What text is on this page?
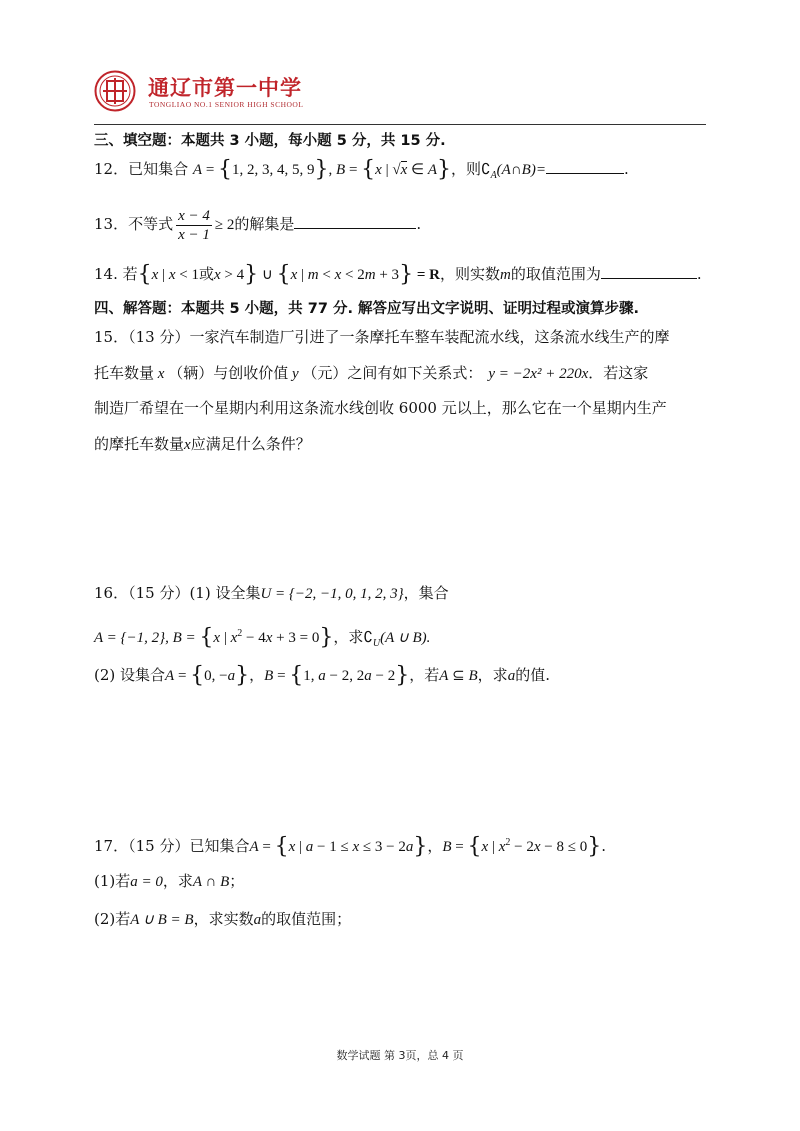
通辽市第一中学
TONGLIAO NO.1 SENIOR HIGH SCHOOL
三、填空题：本题共 3 小题，每小题 5 分，共 15 分.
12．已知集合 A = {1, 2, 3, 4, 5, 9}, B = {x | √x ∈ A}，则$∁_A(A\cap B)=$	.
13．不等式 $\frac{x - 4}{x - 1} \ge 2$的解集是	.
14. 若{x | x < 1或x > 4} ∪ {x | m < x < 2m + 3} = R，则实数m的取值范围为	.
四、解答题：本题共 5 小题，共 77 分. 解答应写出文字说明、证明过程或演算步骤.
15．（13 分）一家汽车制造厂引进了一条摩托车整车装配流水线，这条流水线生产的摩
托车数量 x （辆）与创收价值 y （元）之间有如下关系式： y = −2x² + 220x．若这家
制造厂希望在一个星期内利用这条流水线创收 6000 元以上，那么它在一个星期内生产
的摩托车数量x应满足什么条件？
16．（15 分）(1) 设全集U = {−2, −1, 0, 1, 2, 3}，集合
A = {−1, 2}, B = {x | $x^2 - 4x + 3 = 0$}，求$∁_U(A$ ∪ B).
(2) 设集合A = {0, −a}，B = {1, a − 2, 2a − 2}，若A ⊆ B，求a的值.
17．（15 分）已知集合A = {x | a − 1 ≤ x ≤ 3 − 2a}，B = {x | $x^2 - 2x - 8 \le 0$}.
(1)若a = 0，求A ∩ B；
(2)若A ∪ B = B，求实数a的取值范围；
数学试题 第 3页，总 4 页
